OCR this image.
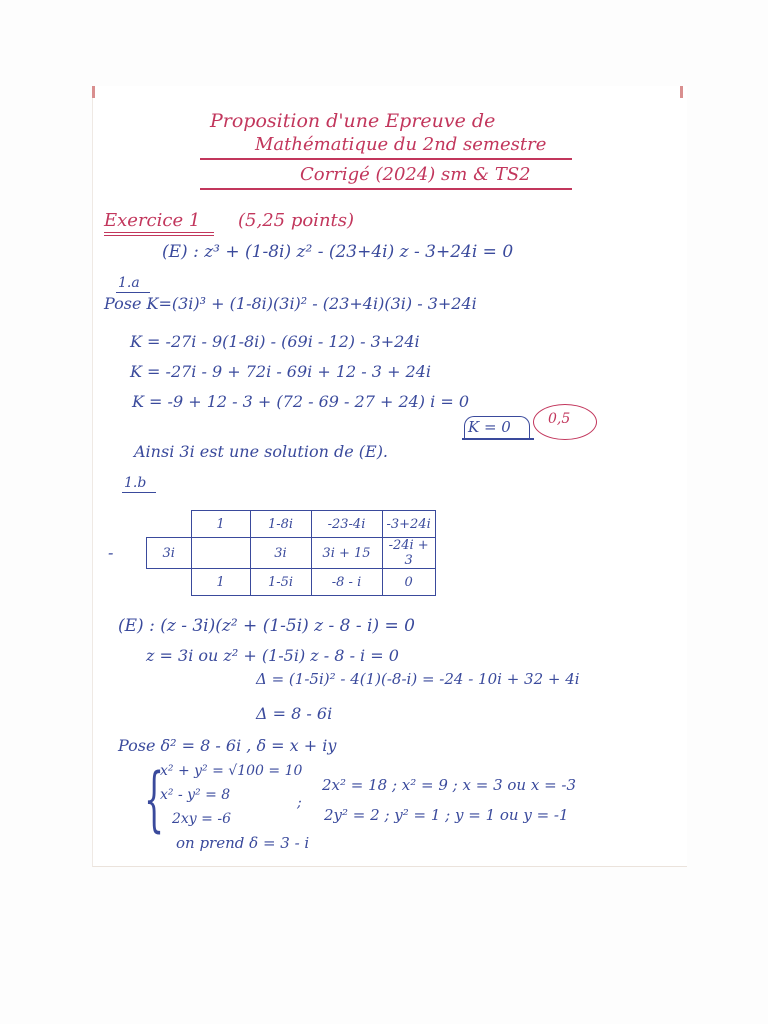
Proposition d'une Epreuve de
Mathématique du 2nd semestre
Corrigé (2024) sm & TS2
Exercice 1 (5,25 points)
(E) : z³ + (1-8i) z² - (23+4i) z - 3+24i = 0
1.a
Pose K=(3i)³ + (1-8i)(3i)² - (23+4i)(3i) - 3+24i
K = -27i - 9(1-8i) - (69i - 12) - 3+24i
K = -27i - 9 + 72i - 69i + 12 - 3 + 24i
K = -9 + 12 - 3 + (72 - 69 - 27 + 24) i = 0
K = 0	0,5
Ainsi 3i est une solution de (E).
1.b
-
	1	1-8i	-23-4i	-3+24i
3i		3i	3i + 15	-24i + 3
	1	1-5i	-8 - i	0
(E) : (z - 3i)(z² + (1-5i) z - 8 - i) = 0
z = 3i ou z² + (1-5i) z - 8 - i = 0
Δ = (1-5i)² - 4(1)(-8-i) = -24 - 10i + 32 + 4i
Δ = 8 - 6i
Pose δ² = 8 - 6i , δ = x + iy
{
x² + y² = √100 = 10
x² - y² = 8	;
2xy = -6
2x² = 18 ; x² = 9 ; x = 3 ou x = -3
2y² = 2 ; y² = 1 ; y = 1 ou y = -1
on prend δ = 3 - i
